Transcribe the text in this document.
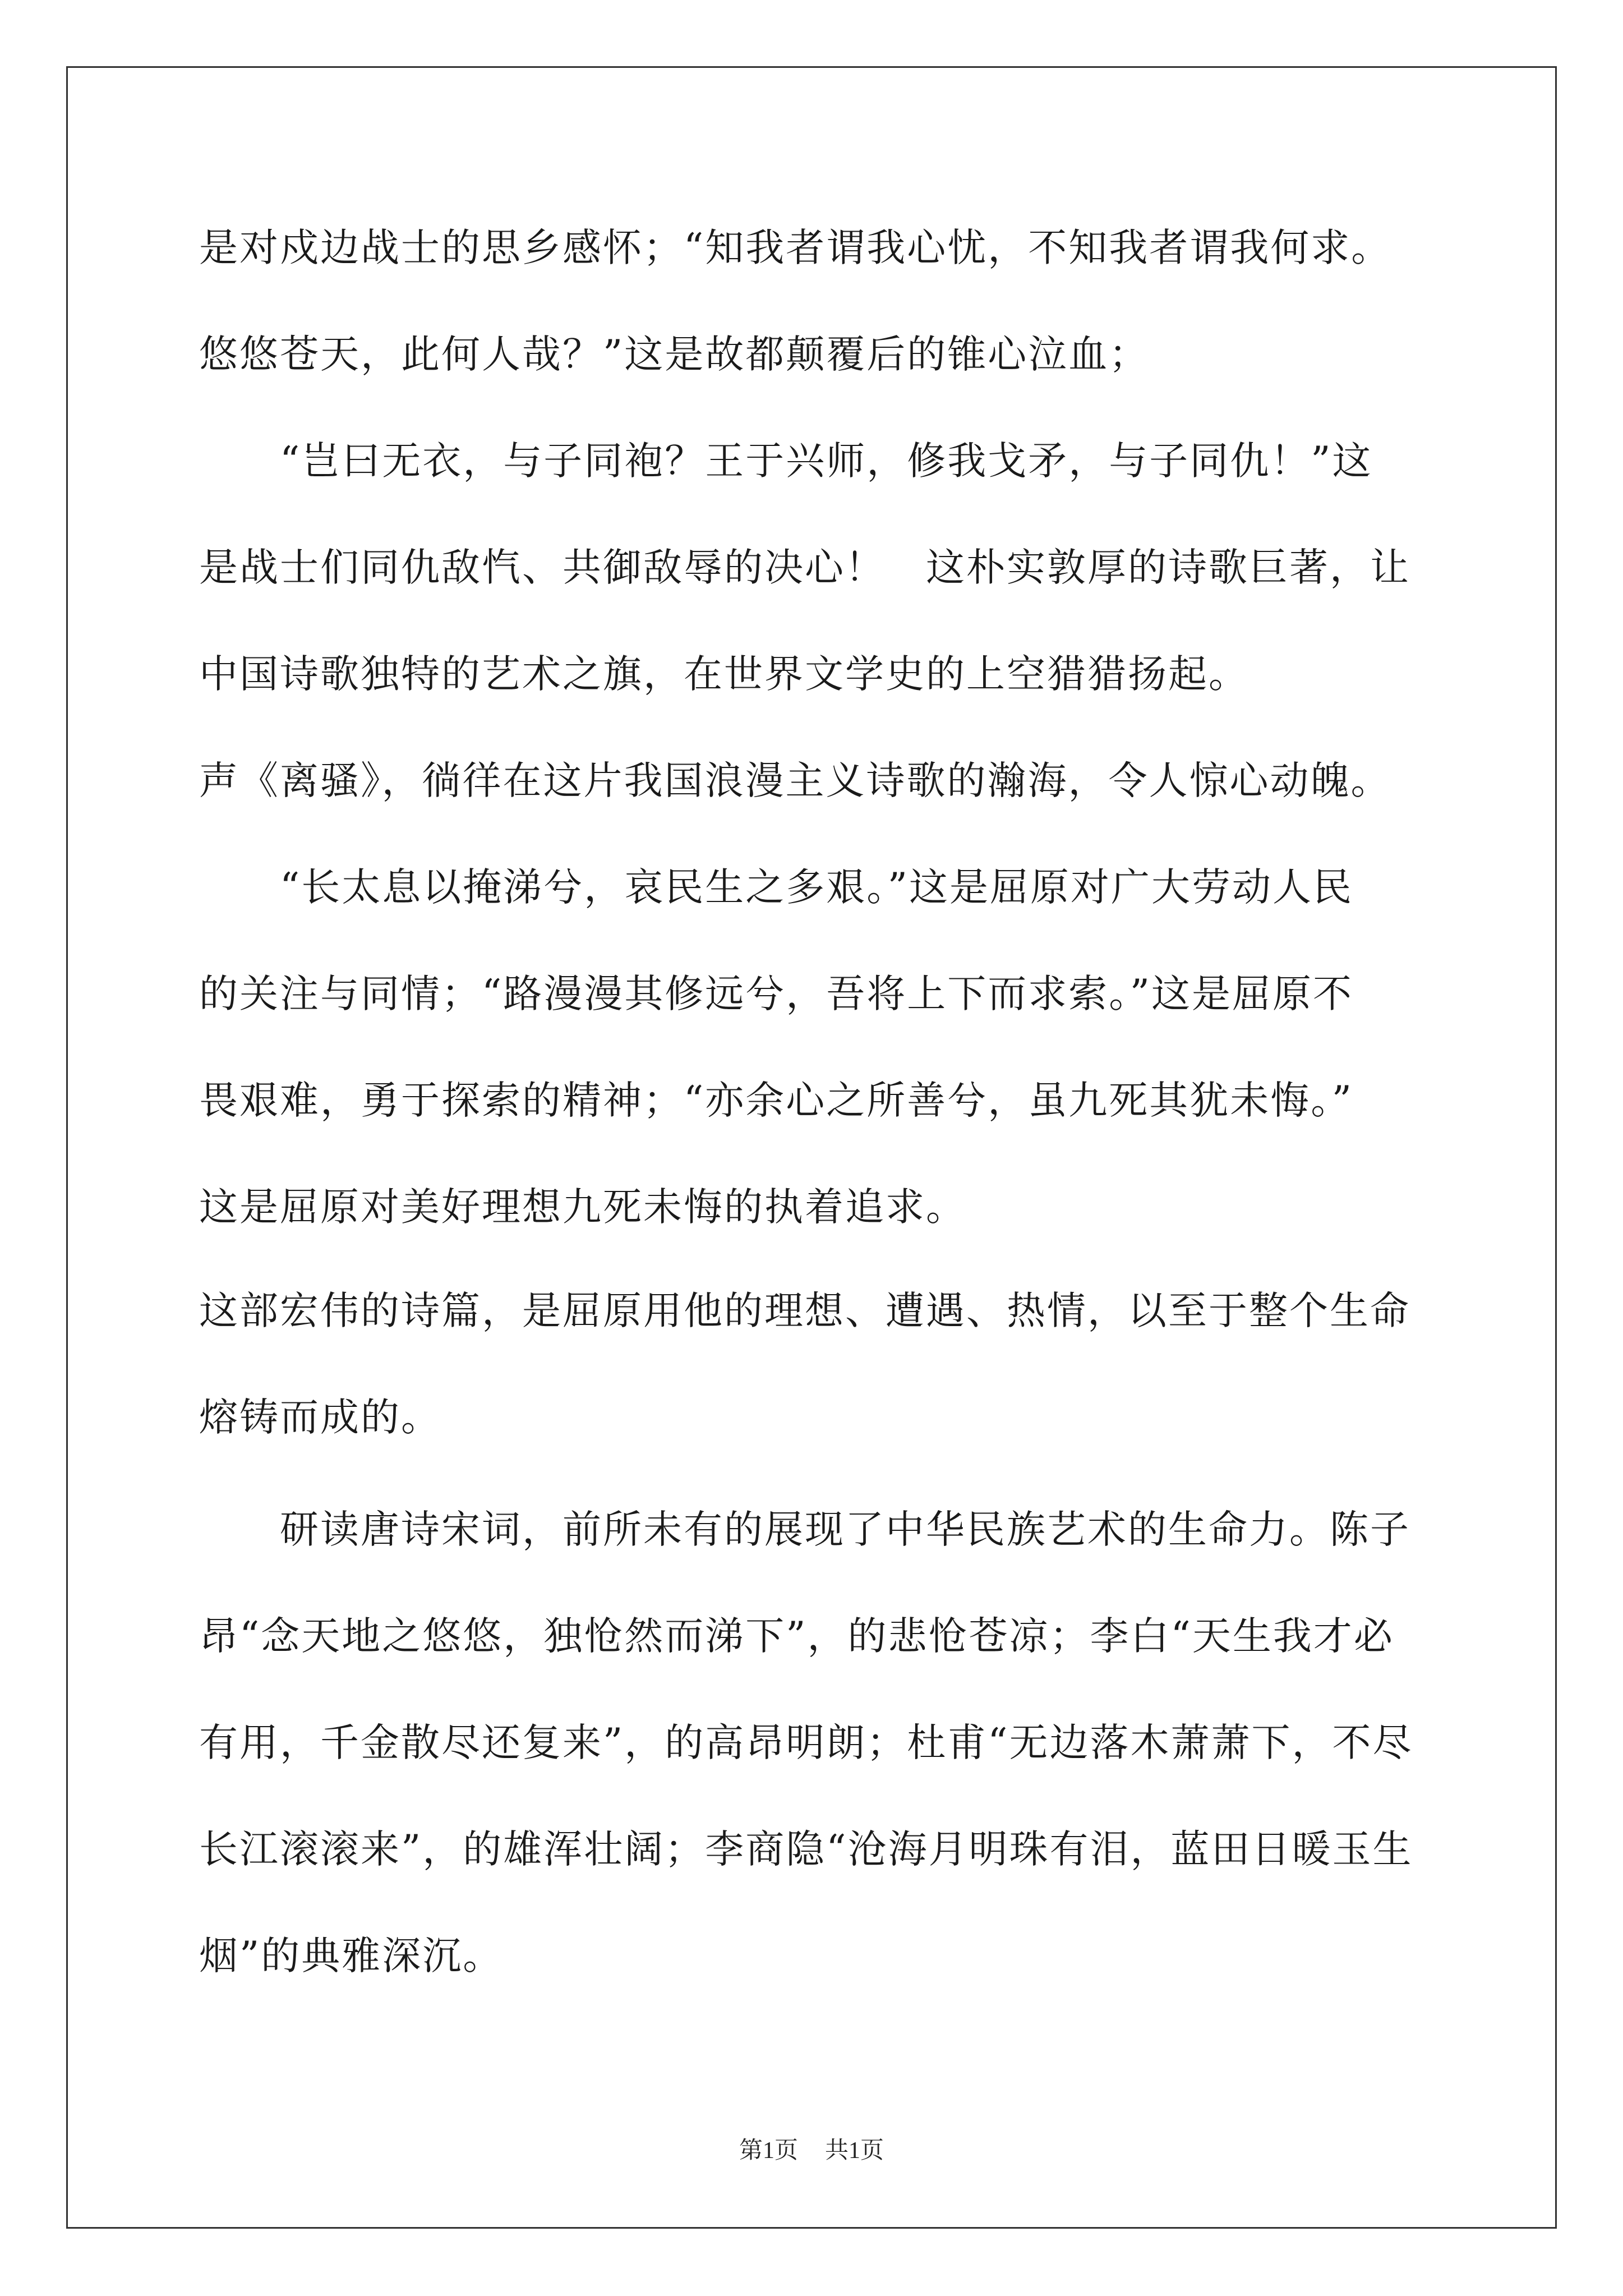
是对戍边战士的思乡感怀；“知我者谓我心忧，不知我者谓我何求。
悠悠苍天，此何人哉？”这是故都颠覆后的锥心泣血；
　　“岂曰无衣，与子同袍？王于兴师，修我戈矛，与子同仇！”这
是战士们同仇敌忾、共御敌辱的决心！　这朴实敦厚的诗歌巨著，让
中国诗歌独特的艺术之旗，在世界文学史的上空猎猎扬起。
声《离骚》，徜徉在这片我国浪漫主义诗歌的瀚海，令人惊心动魄。
　　“长太息以掩涕兮，哀民生之多艰。”这是屈原对广大劳动人民
的关注与同情；“路漫漫其修远兮，吾将上下而求索。”这是屈原不
畏艰难，勇于探索的精神；“亦余心之所善兮，虽九死其犹未悔。”
这是屈原对美好理想九死未悔的执着追求。
这部宏伟的诗篇，是屈原用他的理想、遭遇、热情，以至于整个生命
熔铸而成的。
　　研读唐诗宋词，前所未有的展现了中华民族艺术的生命力。陈子
昂“念天地之悠悠，独怆然而涕下”，的悲怆苍凉；李白“天生我才必
有用，千金散尽还复来”，的高昂明朗；杜甫“无边落木萧萧下，不尽
长江滚滚来”，的雄浑壮阔；李商隐“沧海月明珠有泪，蓝田日暖玉生
烟”的典雅深沉。
第1页 共1页
